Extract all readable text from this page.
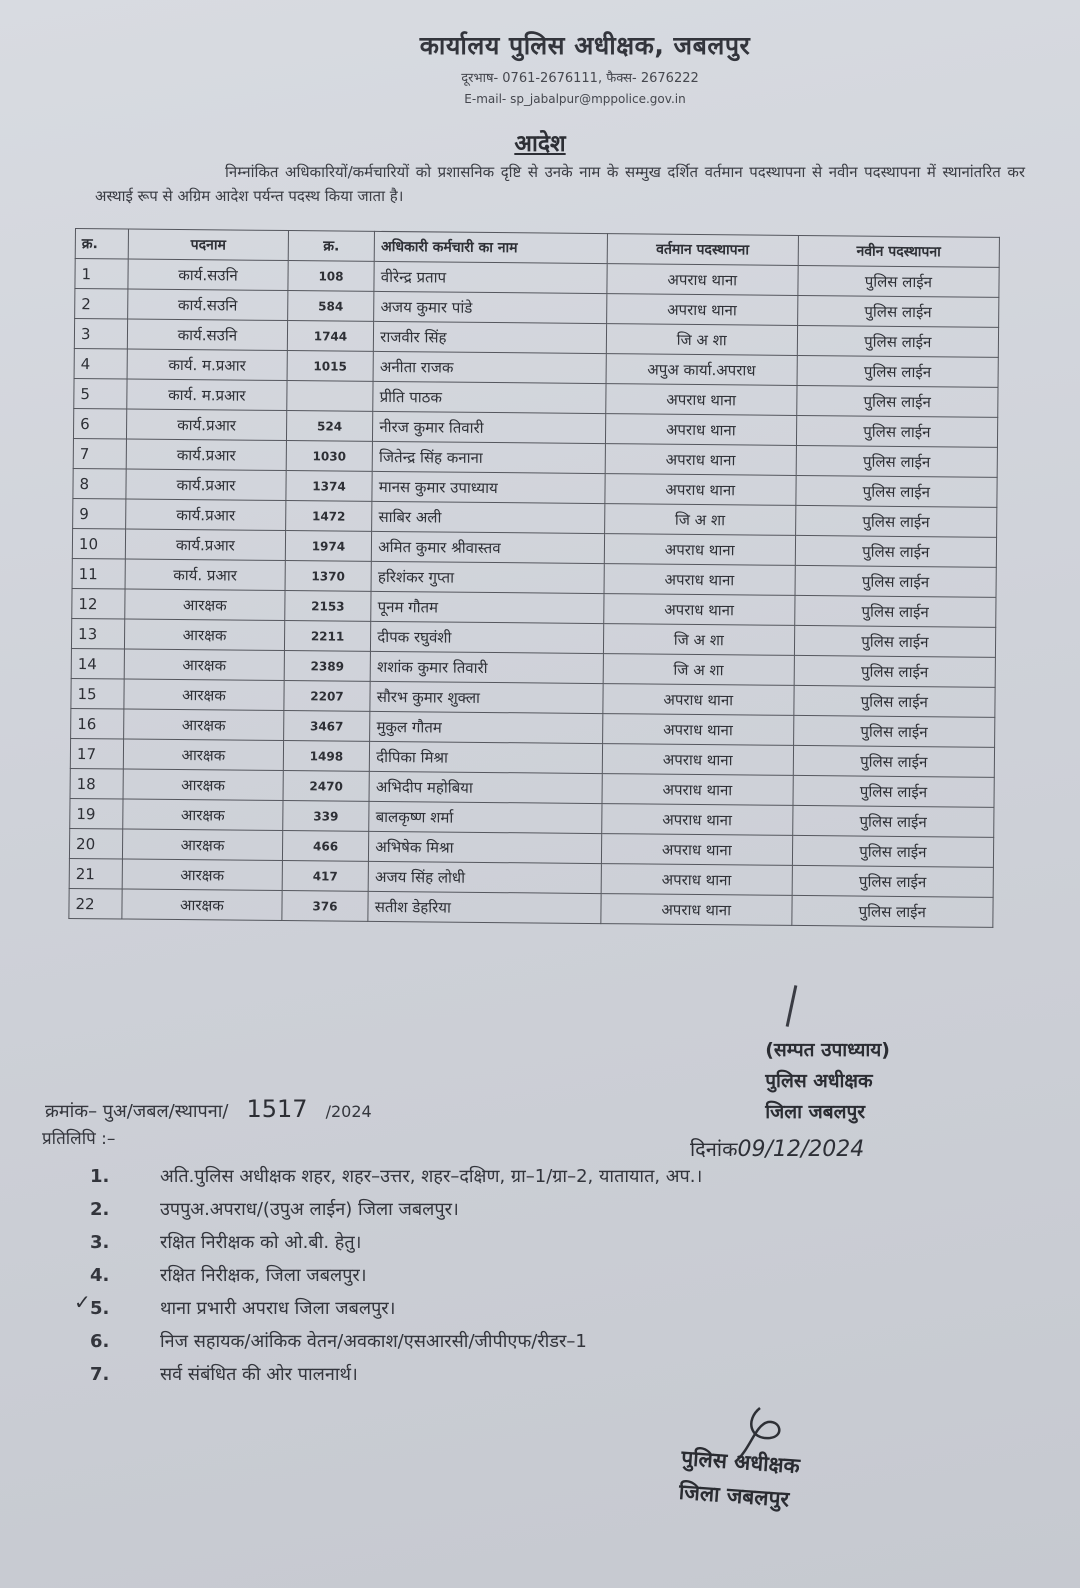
कार्यालय पुलिस अधीक्षक, जबलपुर
दूरभाष- 0761-2676111, फैक्स- 2676222
E-mail- sp_jabalpur@mppolice.gov.in
आदेश
निम्नांकित अधिकारियों/कर्मचारियों को प्रशासनिक दृष्टि से उनके नाम के सम्मुख दर्शित वर्तमान पदस्थापना से नवीन पदस्थापना में स्थानांतरित कर अस्थाई रूप से अग्रिम आदेश पर्यन्त पदस्थ किया जाता है।
क्र.	पदनाम	क्र.	अधिकारी कर्मचारी का नाम	वर्तमान पदस्थापना	नवीन पदस्थापना
1	कार्य.सउनि	108	वीरेन्द्र प्रताप	अपराध थाना	पुलिस लाईन
2	कार्य.सउनि	584	अजय कुमार पांडे	अपराध थाना	पुलिस लाईन
3	कार्य.सउनि	1744	राजवीर सिंह	जि अ शा	पुलिस लाईन
4	कार्य. म.प्रआर	1015	अनीता राजक	अपुअ कार्या.अपराध	पुलिस लाईन
5	कार्य. म.प्रआर		प्रीति पाठक	अपराध थाना	पुलिस लाईन
6	कार्य.प्रआर	524	नीरज कुमार तिवारी	अपराध थाना	पुलिस लाईन
7	कार्य.प्रआर	1030	जितेन्द्र सिंह कनाना	अपराध थाना	पुलिस लाईन
8	कार्य.प्रआर	1374	मानस कुमार उपाध्याय	अपराध थाना	पुलिस लाईन
9	कार्य.प्रआर	1472	साबिर अली	जि अ शा	पुलिस लाईन
10	कार्य.प्रआर	1974	अमित कुमार श्रीवास्तव	अपराध थाना	पुलिस लाईन
11	कार्य. प्रआर	1370	हरिशंकर गुप्ता	अपराध थाना	पुलिस लाईन
12	आरक्षक	2153	पूनम गौतम	अपराध थाना	पुलिस लाईन
13	आरक्षक	2211	दीपक रघुवंशी	जि अ शा	पुलिस लाईन
14	आरक्षक	2389	शशांक कुमार तिवारी	जि अ शा	पुलिस लाईन
15	आरक्षक	2207	सौरभ कुमार शुक्ला	अपराध थाना	पुलिस लाईन
16	आरक्षक	3467	मुकुल गौतम	अपराध थाना	पुलिस लाईन
17	आरक्षक	1498	दीपिका मिश्रा	अपराध थाना	पुलिस लाईन
18	आरक्षक	2470	अभिदीप महोबिया	अपराध थाना	पुलिस लाईन
19	आरक्षक	339	बालकृष्ण शर्मा	अपराध थाना	पुलिस लाईन
20	आरक्षक	466	अभिषेक मिश्रा	अपराध थाना	पुलिस लाईन
21	आरक्षक	417	अजय सिंह लोधी	अपराध थाना	पुलिस लाईन
22	आरक्षक	376	सतीश डेहरिया	अपराध थाना	पुलिस लाईन
(सम्पत उपाध्याय)
पुलिस अधीक्षक
जिला जबलपुर
क्रमांक– पुअ/जबल/स्थापना/ 1517 /2024
प्रतिलिपि :–	दिनांक09/12/2024
1.	अति.पुलिस अधीक्षक शहर, शहर–उत्तर, शहर–दक्षिण, ग्रा–1/ग्रा–2, यातायात, अप.।
2.	उपपुअ.अपराध/(उपुअ लाईन) जिला जबलपुर।
3.	रक्षित निरीक्षक को ओ.बी. हेतु।
4.	रक्षित निरीक्षक, जिला जबलपुर।
5.	थाना प्रभारी अपराध जिला जबलपुर।
6.	निज सहायक/आंकिक वेतन/अवकाश/एसआरसी/जीपीएफ/रीडर–1
7.	सर्व संबंधित की ओर पालनार्थ।
✓
पुलिस अधीक्षक
जिला जबलपुर
